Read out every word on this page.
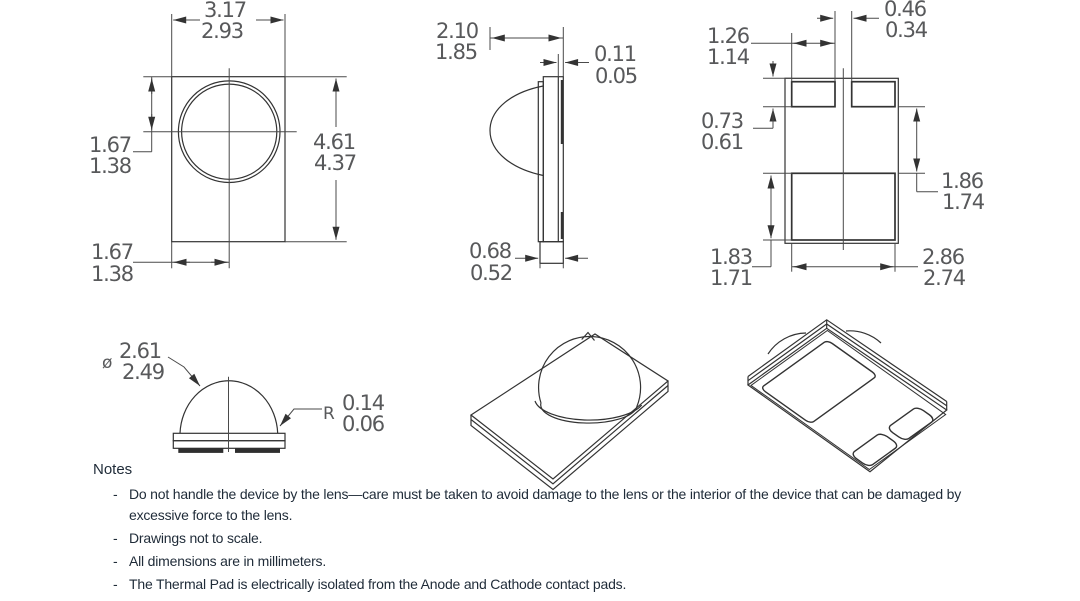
3.17
2.93
1.67
1.38
4.61
4.37
1.67
1.38
2.10
1.85	0.11
0.05
0.68
0.52
0.46
0.34
1.26
1.14
0.73
0.61
1.86
1.74
1.83
1.71
2.86
2.74
ø 2.61
2.49
R 0.14
0.06

Notes

- Do not handle the device by the lens—care must be taken to avoid damage to the lens or the interior of the device that can be damaged by excessive force to the lens.
- Drawings not to scale.
- All dimensions are in millimeters.
- The Thermal Pad is electrically isolated from the Anode and Cathode contact pads.
